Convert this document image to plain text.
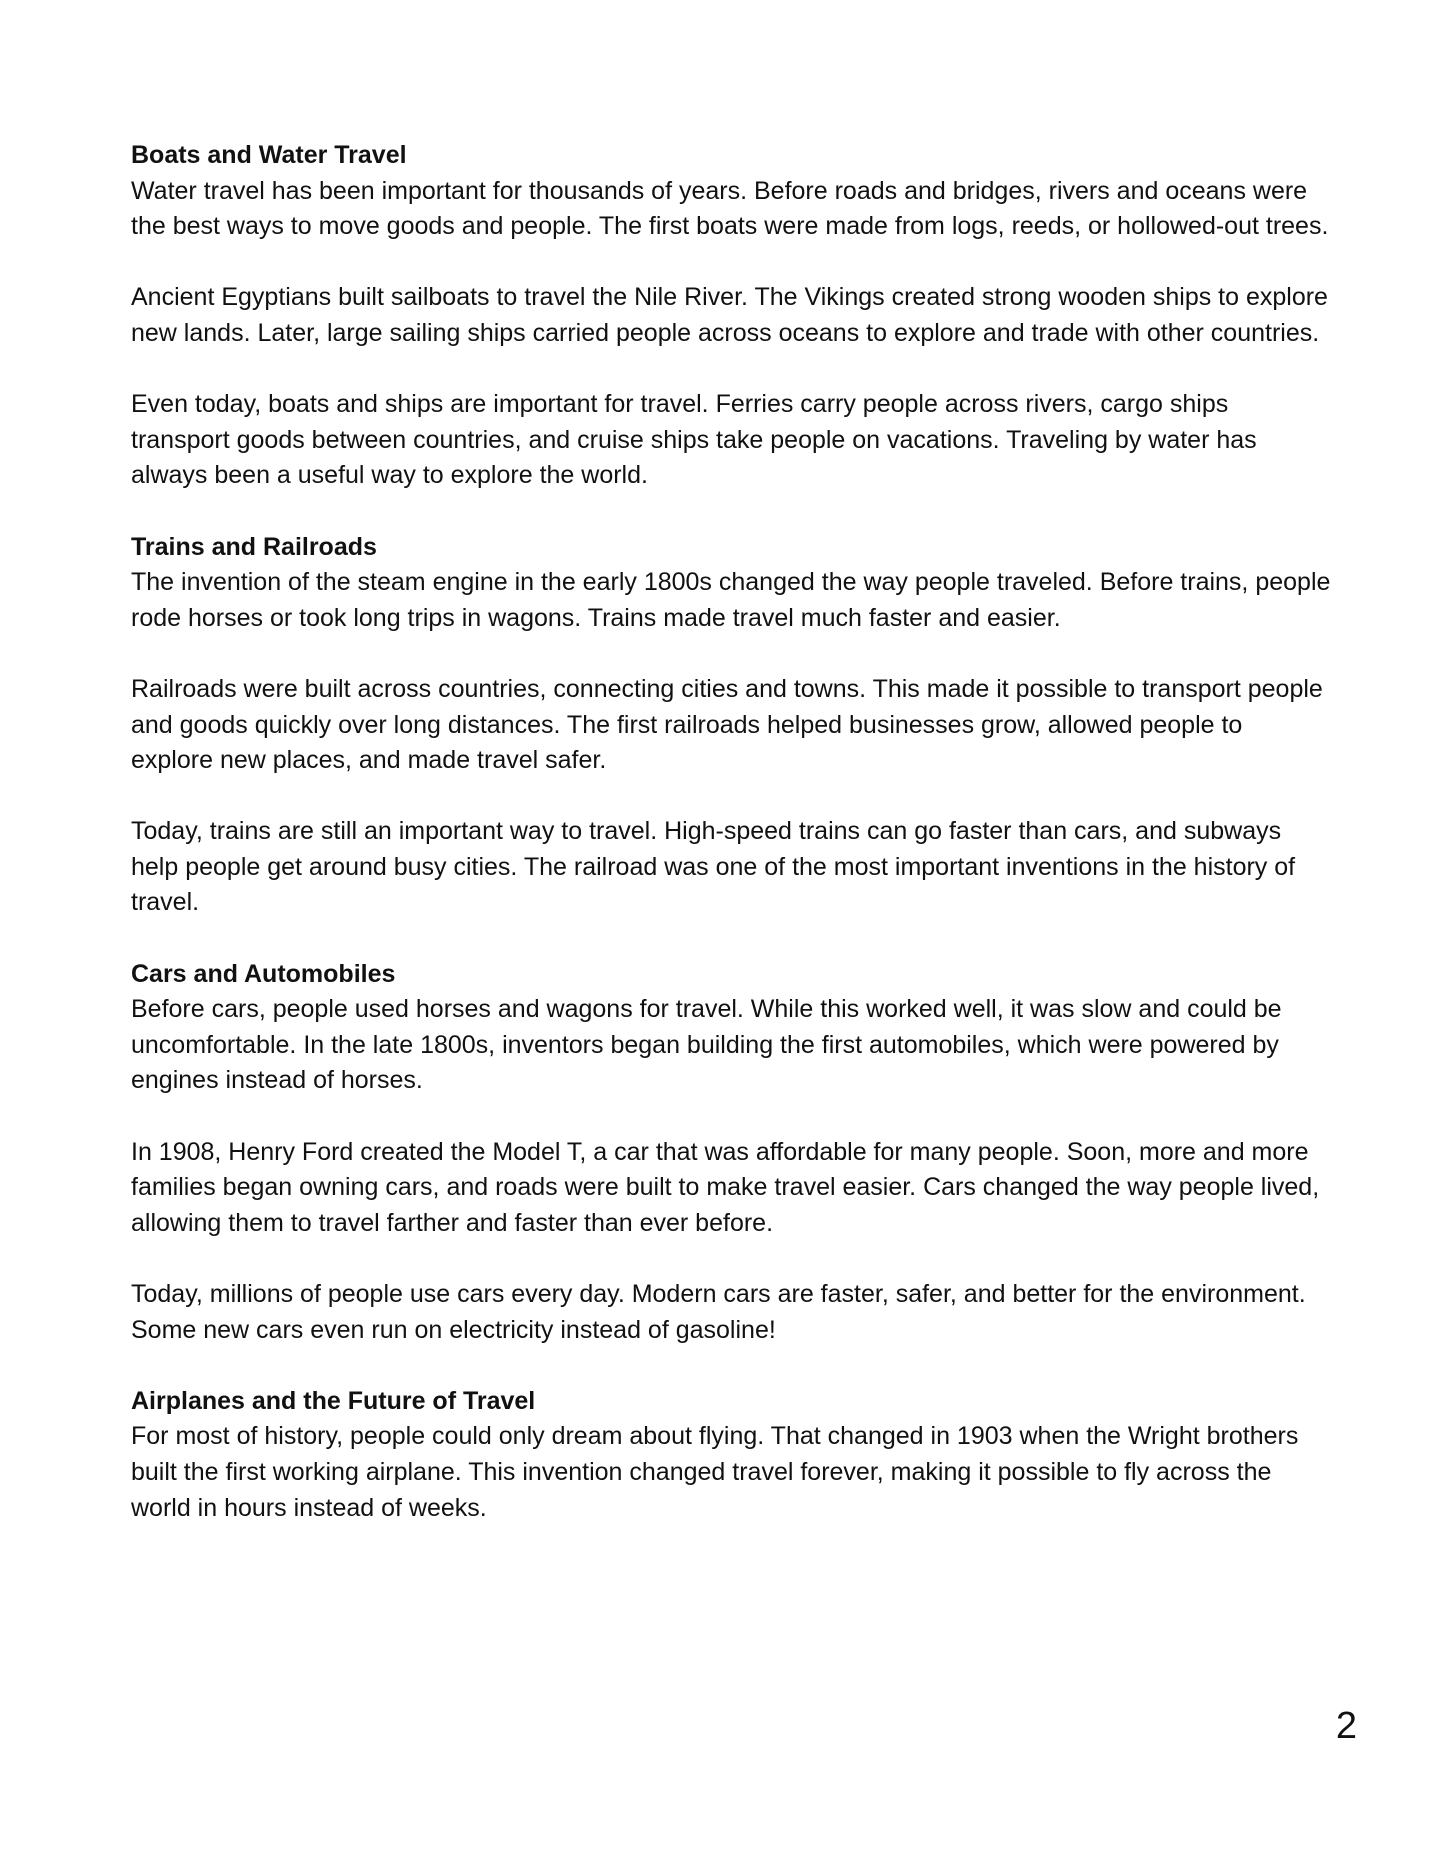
Boats and Water Travel

Water travel has been important for thousands of years. Before roads and bridges, rivers and oceans were the best ways to move goods and people. The first boats were made from logs, reeds, or hollowed-out trees.

Ancient Egyptians built sailboats to travel the Nile River. The Vikings created strong wooden ships to explore new lands. Later, large sailing ships carried people across oceans to explore and trade with other countries.

Even today, boats and ships are important for travel. Ferries carry people across rivers, cargo ships transport goods between countries, and cruise ships take people on vacations. Traveling by water has always been a useful way to explore the world.

Trains and Railroads

The invention of the steam engine in the early 1800s changed the way people traveled. Before trains, people rode horses or took long trips in wagons. Trains made travel much faster and easier.

Railroads were built across countries, connecting cities and towns. This made it possible to transport people and goods quickly over long distances. The first railroads helped businesses grow, allowed people to explore new places, and made travel safer.

Today, trains are still an important way to travel. High-speed trains can go faster than cars, and subways help people get around busy cities. The railroad was one of the most important inventions in the history of travel.

Cars and Automobiles

Before cars, people used horses and wagons for travel. While this worked well, it was slow and could be uncomfortable. In the late 1800s, inventors began building the first automobiles, which were powered by engines instead of horses.

In 1908, Henry Ford created the Model T, a car that was affordable for many people. Soon, more and more families began owning cars, and roads were built to make travel easier. Cars changed the way people lived, allowing them to travel farther and faster than ever before.

Today, millions of people use cars every day. Modern cars are faster, safer, and better for the environment. Some new cars even run on electricity instead of gasoline!

Airplanes and the Future of Travel

For most of history, people could only dream about flying. That changed in 1903 when the Wright brothers built the first working airplane. This invention changed travel forever, making it possible to fly across the world in hours instead of weeks.

2
